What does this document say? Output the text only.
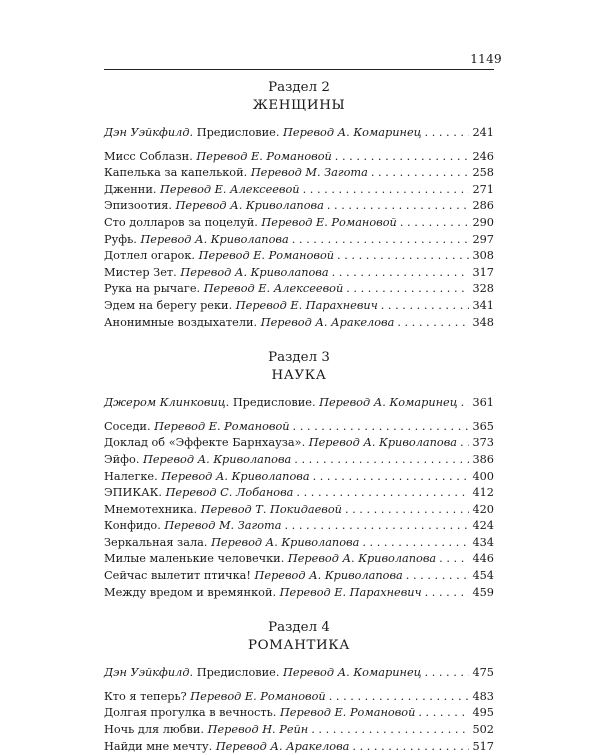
1149
Раздел 2
ЖЕНЩИНЫ
Дэн Уэйкфилд. Предисловие. Перевод А. Комаринец . . .	241
Мисс Соблазн. Перевод Е. Романовой . . .	246
Капелька за капелькой. Перевод М. Загота . . .	258
Дженни. Перевод Е. Алексеевой . . .	271
Эпизоотия. Перевод А. Криволапова . . .	286
Сто долларов за поцелуй. Перевод Е. Романовой . . .	290
Руфь. Перевод А. Криволапова . . .	297
Дотлел огарок. Перевод Е. Романовой . . .	308
Мистер Зет. Перевод А. Криволапова . . .	317
Рука на рычаге. Перевод Е. Алексеевой . . .	328
Эдем на берегу реки. Перевод Е. Парахневич . . .	341
Анонимные воздыхатели. Перевод А. Аракелова . . .	348
Раздел 3
НАУКА
Джером Клинковиц. Предисловие. Перевод А. Комаринец . . . 361
Соседи. Перевод Е. Романовой . . .	365
Доклад об «Эффекте Барнхауза». Перевод А. Криволапова . . . 373
Эйфо. Перевод А. Криволапова . . .	386
Налегке. Перевод А. Криволапова . . .	400
ЭПИКАК. Перевод С. Лобанова . . .	412
Мнемотехника. Перевод Т. Покидаевой . . .	420
Конфидо. Перевод М. Загота . . .	424
Зеркальная зала. Перевод А. Криволапова . . .	434
Милые маленькие человечки. Перевод А. Криволапова . . .	446
Сейчас вылетит птичка! Перевод А. Криволапова . . .	454
Между вредом и времянкой. Перевод Е. Парахневич . . .	459
Раздел 4
РОМАНТИКА
Дэн Уэйкфилд. Предисловие. Перевод А. Комаринец . . .	475
Кто я теперь? Перевод Е. Романовой . . .	483
Долгая прогулка в вечность. Перевод Е. Романовой . . .	495
Ночь для любви. Перевод Н. Рейн . . .	502
Найди мне мечту. Перевод А. Аракелова . . .	517
